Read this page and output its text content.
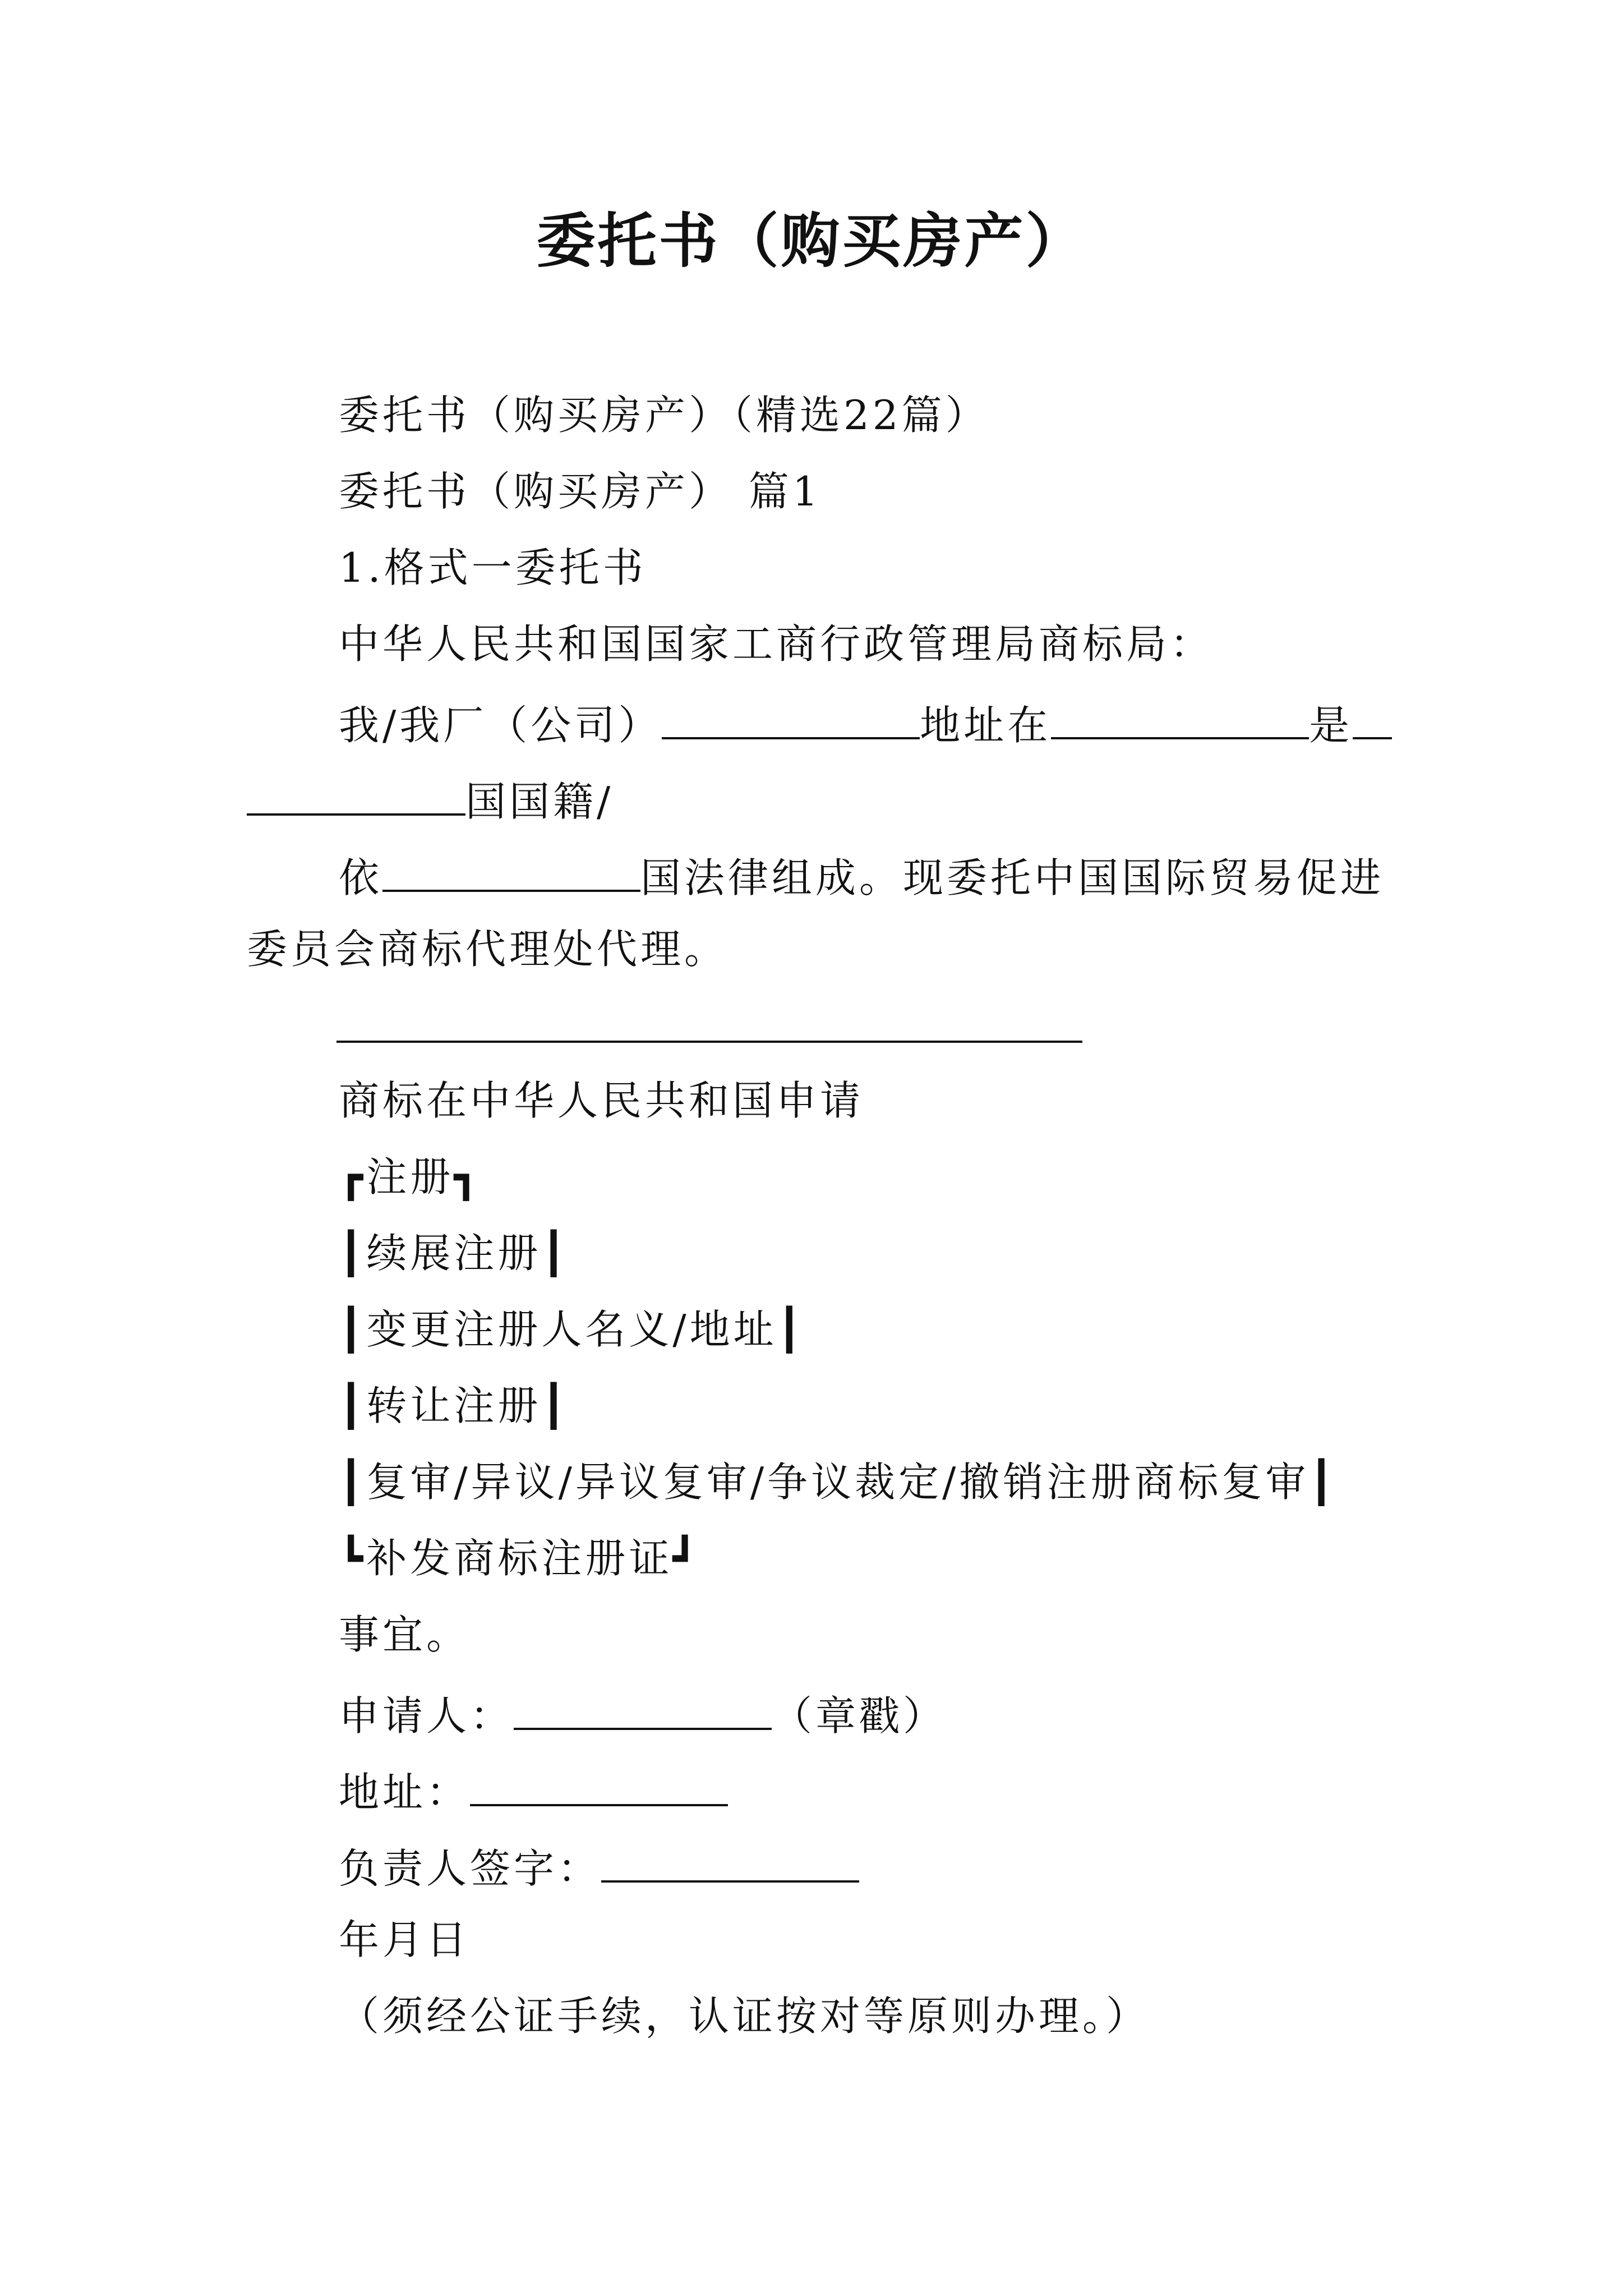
委托书（购买房产）
委托书（购买房产）（精选22篇）
委托书（购买房产） 篇1
1.格式一委托书
中华人民共和国国家工商行政管理局商标局：
我/我厂（公司）	地址在	是
国国籍/
依	国法律组成。现委托中国国际贸易促进
委员会商标代理处代理。
商标在中华人民共和国申请
┏注册┓
┃续展注册┃
┃变更注册人名义/地址┃
┃转让注册┃
┃复审/异议/异议复审/争议裁定/撤销注册商标复审┃
┗补发商标注册证┛
事宜。
申请人：	（章戳）
地址：
负责人签字：
年月日
（须经公证手续，认证按对等原则办理。）
